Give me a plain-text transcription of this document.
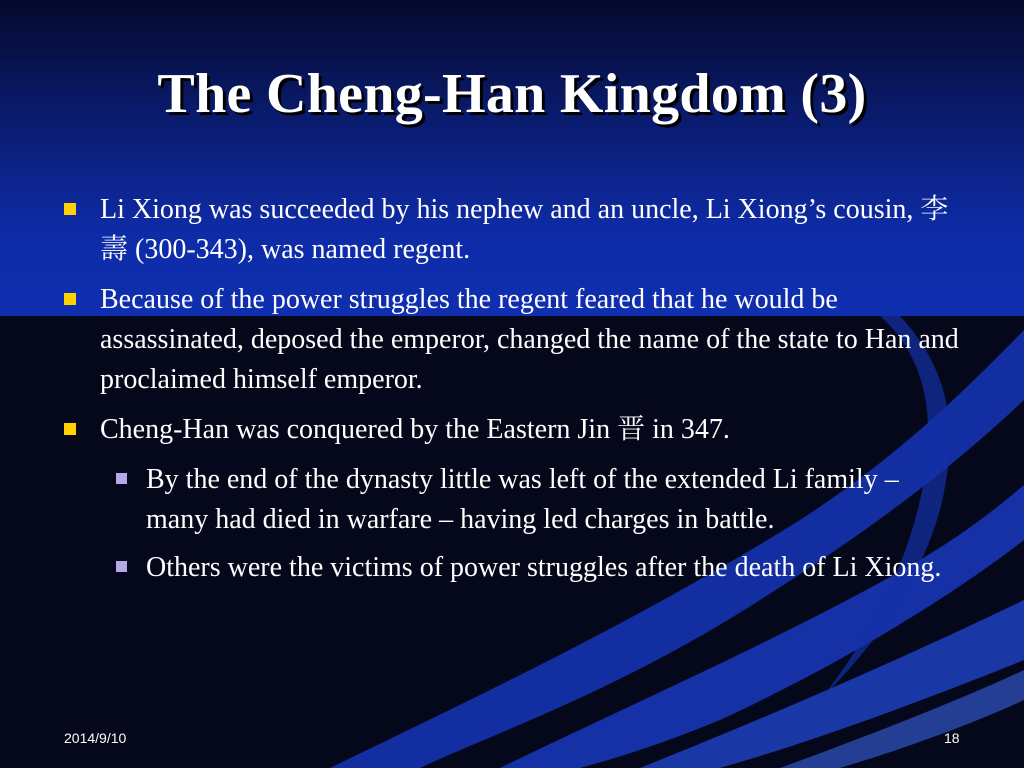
The Cheng-Han Kingdom (3)
Li Xiong was succeeded by his nephew and an uncle, Li Xiong’s cousin, 李壽 (300-343), was named regent.
Because of the power struggles the regent feared that he would be assassinated, deposed the emperor, changed the name of the state to Han and proclaimed himself emperor.
Cheng-Han was conquered by the Eastern Jin 晋 in 347.
By the end of the dynasty little was left of the extended Li family – many had died in warfare – having led charges in battle.
Others were the victims of power struggles after the death of Li Xiong.
2014/9/10	18
